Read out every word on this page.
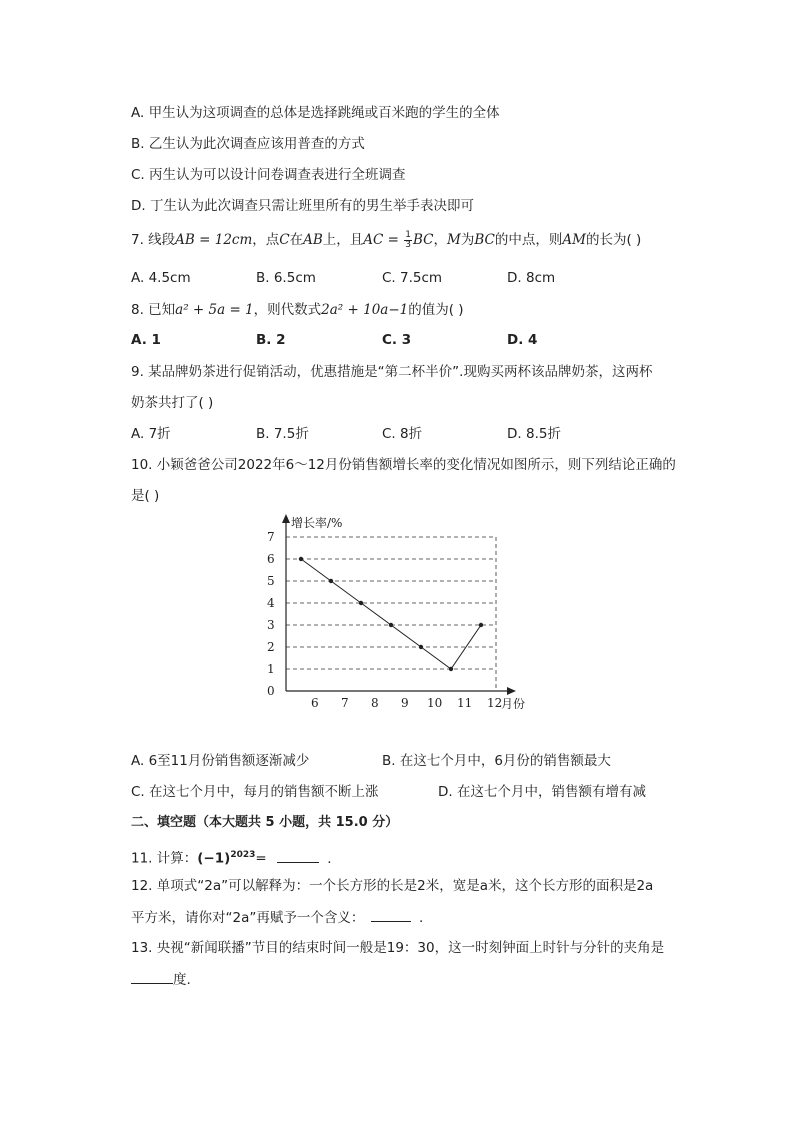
A. 甲生认为这项调查的总体是选择跳绳或百米跑的学生的全体
B. 乙生认为此次调查应该用普查的方式
C. 丙生认为可以设计问卷调查表进行全班调查
D. 丁生认为此次调查只需让班里所有的男生举手表决即可
7. 线段AB = 12cm，点C在AB上，且AC = $\frac{1}{3}$ BC，M为BC的中点，则AM的长为( )
A. 4.5cm	B. 6.5cm	C. 7.5cm	D. 8cm
8. 已知a² + 5a = 1，则代数式2a² + 10a−1的值为( )
A. 1	B. 2	C. 3	D. 4
9. 某品牌奶茶进行促销活动，优惠措施是“第二杯半价”.现购买两杯该品牌奶茶，这两杯
奶茶共打了( )
A. 7折	B. 7.5折	C. 8折	D. 8.5折
10. 小颖爸爸公司2022年6～12月份销售额增长率的变化情况如图所示，则下列结论正确的
是( )
0
1
2
3
4
5
6
7
6 7 8 9 10 11 12
增长率/%
月份
A. 6至11月份销售额逐渐减少	B. 在这七个月中，6月份的销售额最大
C. 在这七个月中，每月的销售额不断上涨	D. 在这七个月中，销售额有增有减
二、填空题（本大题共 5 小题，共 15.0 分）
11. 计算：$(-1)^{2023}=$	.
12. 单项式“2a”可以解释为：一个长方形的长是2米，宽是a米，这个长方形的面积是2a
平方米，请你对“2a”再赋予一个含义：	.
13. 央视“新闻联播”节目的结束时间一般是19：30，这一时刻钟面上时针与分针的夹角是
度.
